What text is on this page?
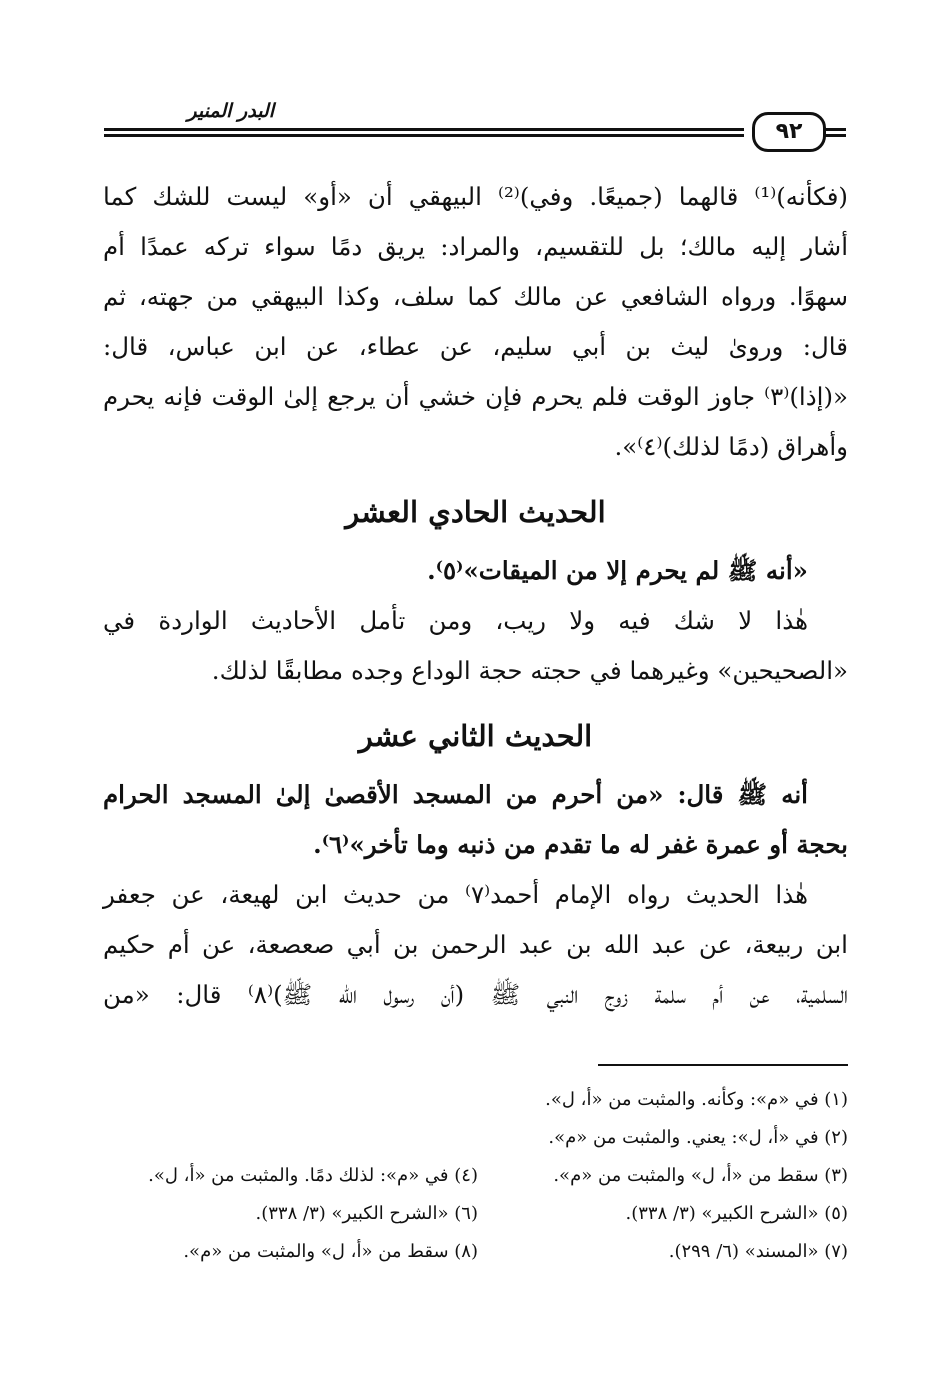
البدر المنير
٩٢

(فكأنه)⁽¹⁾ قالهما (جميعًا. وفي)⁽²⁾ البيهقي أن «أو» ليست للشك كما

أشار إليه مالك؛ بل للتقسيم، والمراد: يريق دمًا سواء تركه عمدًا أم

سهوًا. ورواه الشافعي عن مالك كما سلف، وكذا البيهقي من جهته، ثم

قال: ورویٰ ليث بن أبي سليم، عن عطاء، عن ابن عباس، قال:

«(إذا)⁽٣⁾ جاوز الوقت فلم يحرم فإن خشي أن يرجع إلىٰ الوقت فإنه يحرم

وأهراق (دمًا لذلك)⁽٤⁾».

الحديث الحادي العشر

«أنه ﷺ لم يحرم إلا من الميقات»⁽٥⁾.

هٰذا لا شك فيه ولا ريب، ومن تأمل الأحاديث الواردة في

«الصحيحين» وغيرهما في حجته حجة الوداع وجده مطابقًا لذلك.

الحديث الثاني عشر

أنه ﷺ قال: «من أحرم من المسجد الأقصىٰ إلىٰ المسجد الحرام

بحجة أو عمرة غفر له ما تقدم من ذنبه وما تأخر»⁽٦⁾.

هٰذا الحديث رواه الإمام أحمد⁽٧⁾ من حديث ابن لهيعة، عن جعفر

ابن ربيعة، عن عبد الله بن عبد الرحمن بن أبي صعصعة، عن أم حكيم

السلمية، عن أم سلمة زوج النبي ﷺ (أن رسول الله ﷺ)⁽٨⁾ قال: «من

(١) في «م»: وكأنه. والمثبت من «أ، ل».
(٢) في «أ، ل»: يعني. والمثبت من «م».
(٣) سقط من «أ، ل» والمثبت من «م».
(٤) في «م»: لذلك دمًا. والمثبت من «أ، ل».
(٥) «الشرح الكبير» (٣/ ٣٣٨).
(٦) «الشرح الكبير» (٣/ ٣٣٨).
(٧) «المسند» (٦/ ٢٩٩).
(٨) سقط من «أ، ل» والمثبت من «م».
